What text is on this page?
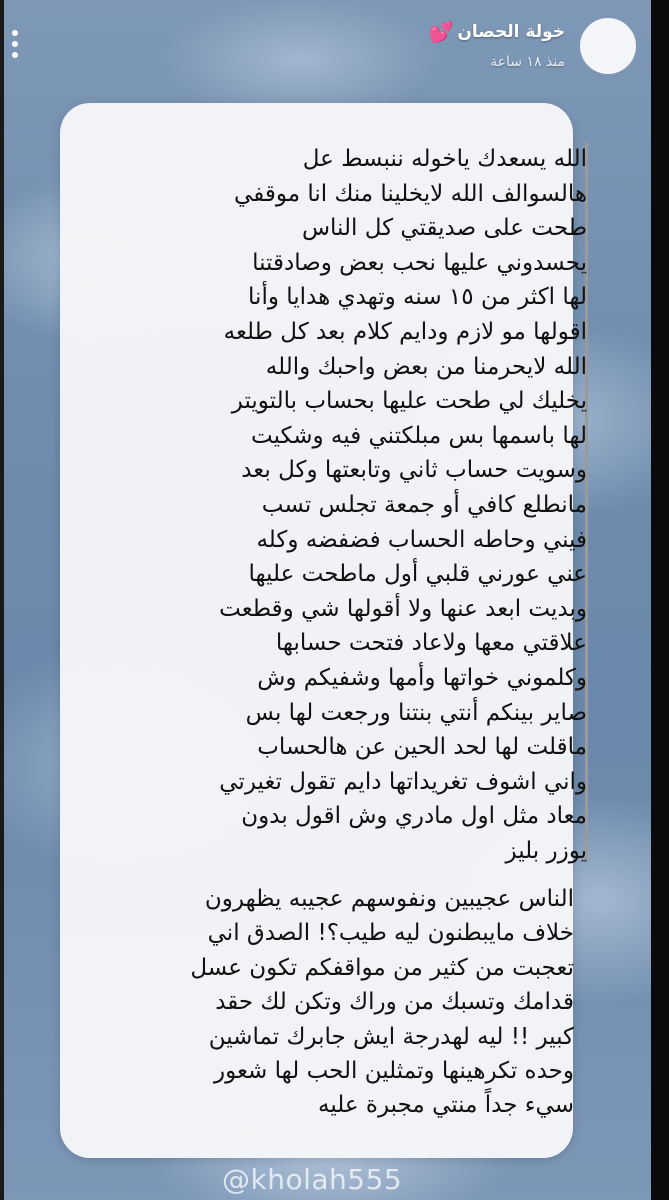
خولة الحصان
💕
منذ ١٨ ساعة
الله يسعدك ياخوله ننبسط عل
هالسوالف الله لايخلينا منك انا موقفي
طحت على صديقتي كل الناس
يحسدوني عليها نحب بعض وصادقتنا
لها اكثر من ١٥ سنه وتهدي هدايا وأنا
اقولها مو لازم ودايم كلام بعد كل طلعه
الله لايحرمنا من بعض واحبك والله
يخليك لي طحت عليها بحساب بالتويتر
لها باسمها بس مبلكتني فيه وشكيت
وسويت حساب ثاني وتابعتها وكل بعد
مانطلع كافي أو جمعة تجلس تسب
فيني وحاطه الحساب فضفضه وكله
عني عورني قلبي أول ماطحت عليها
وبديت ابعد عنها ولا أقولها شي وقطعت
علاقتي معها ولاعاد فتحت حسابها
وكلموني خواتها وأمها وشفيكم وش
صاير بينكم أنتي بنتنا ورجعت لها بس
ماقلت لها لحد الحين عن هالحساب
واني اشوف تغريداتها دايم تقول تغيرتي
معاد مثل اول مادري وش اقول بدون
يوزر بليز
الناس عجيبين ونفوسهم عجيبه يظهرون
خلاف مايبطنون ليه طيب؟! الصدق اني
تعجبت من كثير من مواقفكم تكون عسل
قدامك وتسبك من وراك وتكن لك حقد
كبير !! ليه لهدرجة ايش جابرك تماشين
وحده تكرهينها وتمثلين الحب لها شعور
سيء جداً منتي مجبرة عليه
@kholah555
